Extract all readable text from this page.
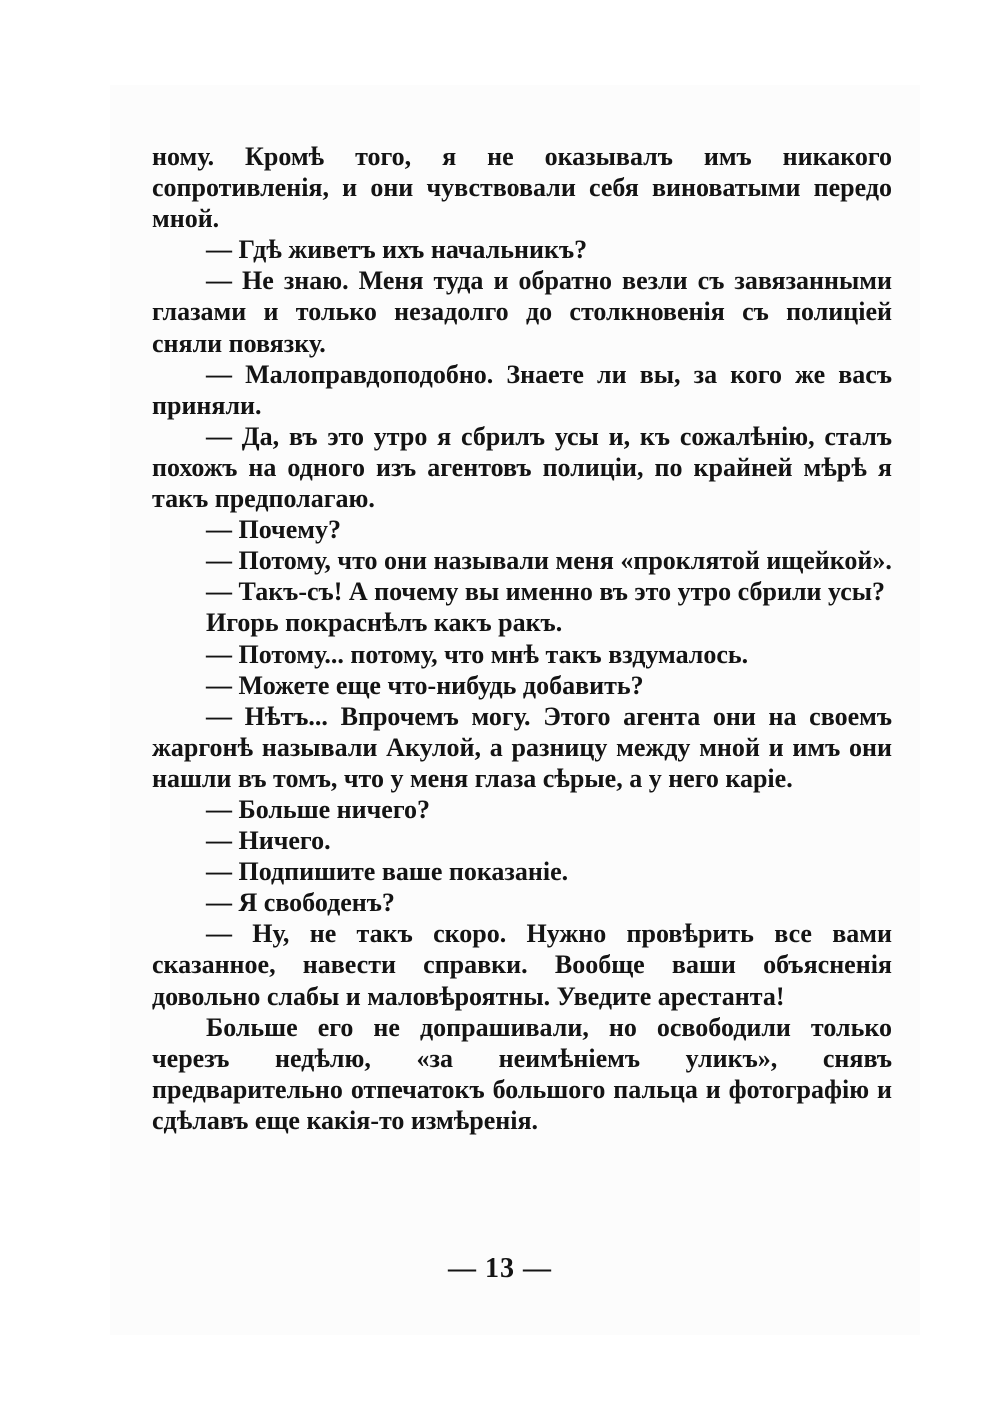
ному. Кромѣ того, я не оказывалъ имъ никакого сопротивленія, и они чувствовали себя виноватыми передо мной.

— Гдѣ живетъ ихъ начальникъ?

— Не знаю. Меня туда и обратно везли съ завязанными глазами и только незадолго до столкновенія съ полиціей сняли повязку.

— Малоправдоподобно. Знаете ли вы, за кого же васъ приняли.

— Да, въ это утро я сбрилъ усы и, къ сожалѣнію, сталъ похожъ на одного изъ агентовъ полиціи, по крайней мѣрѣ я такъ предполагаю.

— Почему?

— Потому, что они называли меня «проклятой ищейкой».

— Такъ-съ! А почему вы именно въ это утро сбрили усы?

Игорь покраснѣлъ какъ ракъ.

— Потому... потому, что мнѣ такъ вздумалось.

— Можете еще что-нибудь добавить?

— Нѣтъ... Впрочемъ могу. Этого агента они на своемъ жаргонѣ называли Акулой, а разницу между мной и имъ они нашли въ томъ, что у меня глаза сѣрые, а у него каріе.

— Больше ничего?

— Ничего.

— Подпишите ваше показаніе.

— Я свободенъ?

— Ну, не такъ скоро. Нужно провѣрить все вами сказанное, навести справки. Вообще ваши объясненія довольно слабы и маловѣроятны. Уведите арестанта!

Больше его не допрашивали, но освободили только черезъ недѣлю, «за неимѣніемъ уликъ», снявъ предварительно отпечатокъ большого пальца и фотографію и сдѣлавъ еще какія-то измѣренія.

— 13 —
